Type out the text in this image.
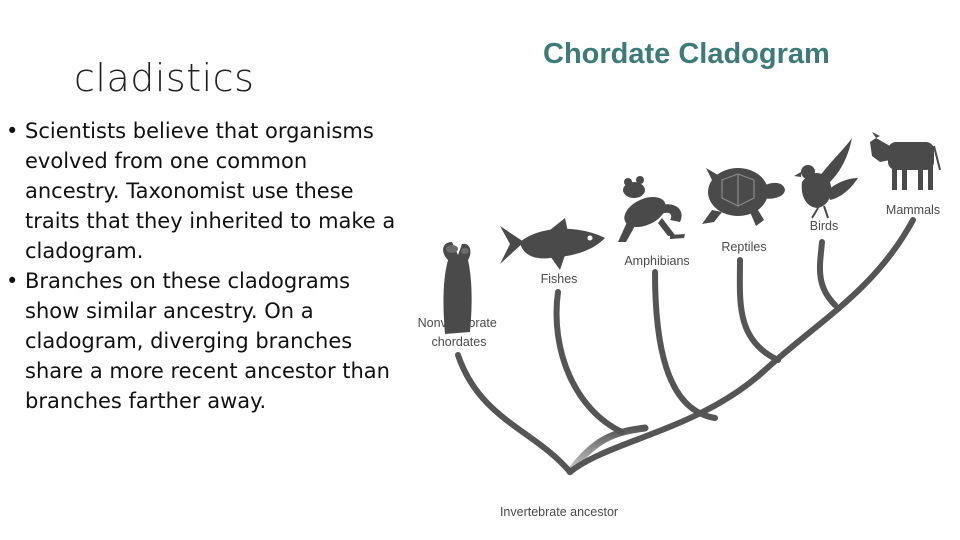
cladistics
• Scientists believe that organisms evolved from one common ancestry. Taxonomist use these traits that they inherited to make a cladogram.
• Branches on these cladograms show similar ancestry. On a cladogram, diverging branches share a more recent ancestor than branches farther away.
Chordate Cladogram
Nonvertebrate chordates
Fishes
Amphibians
Reptiles
Birds
Mammals
Invertebrate ancestor
